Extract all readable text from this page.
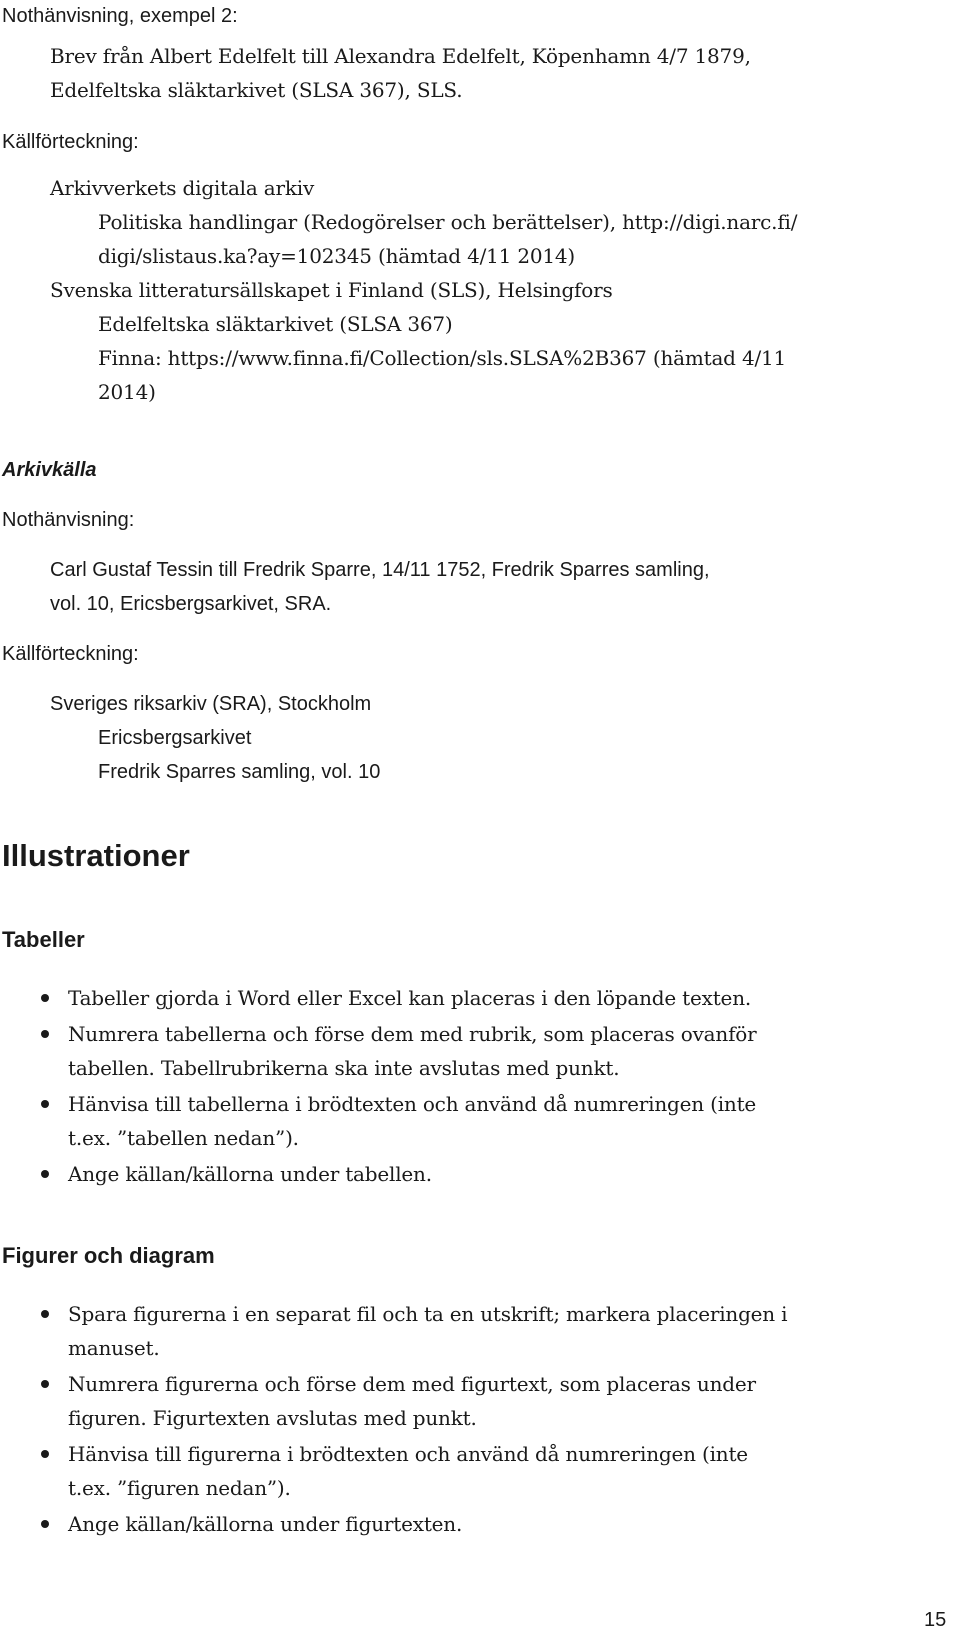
Nothänvisning, exempel 2:
Brev från Albert Edelfelt till Alexandra Edelfelt, Köpenhamn 4/7 1879,
Edelfeltska släktarkivet (SLSA 367), SLS.
Källförteckning:
Arkivverkets digitala arkiv
Politiska handlingar (Redogörelser och berättelser), http://digi.narc.fi/
digi/slistaus.ka?ay=102345 (hämtad 4/11 2014)
Svenska litteratursällskapet i Finland (SLS), Helsingfors
Edelfeltska släktarkivet (SLSA 367)
Finna: https://www.finna.fi/Collection/sls.SLSA%2B367 (hämtad 4/11
2014)
Arkivkälla
Nothänvisning:
Carl Gustaf Tessin till Fredrik Sparre, 14/11 1752, Fredrik Sparres samling,
vol. 10, Ericsbergsarkivet, SRA.
Källförteckning:
Sveriges riksarkiv (SRA), Stockholm
Ericsbergsarkivet
Fredrik Sparres samling, vol. 10
Illustrationer
Tabeller
Tabeller gjorda i Word eller Excel kan placeras i den löpande texten.
Numrera tabellerna och förse dem med rubrik, som placeras ovanför
tabellen. Tabellrubrikerna ska inte avslutas med punkt.
Hänvisa till tabellerna i brödtexten och använd då numreringen (inte
t.ex. ”tabellen nedan”).
Ange källan/källorna under tabellen.
Figurer och diagram
Spara figurerna i en separat fil och ta en utskrift; markera placeringen i
manuset.
Numrera figurerna och förse dem med figurtext, som placeras under
figuren. Figurtexten avslutas med punkt.
Hänvisa till figurerna i brödtexten och använd då numreringen (inte
t.ex. ”figuren nedan”).
Ange källan/källorna under figurtexten.
15
